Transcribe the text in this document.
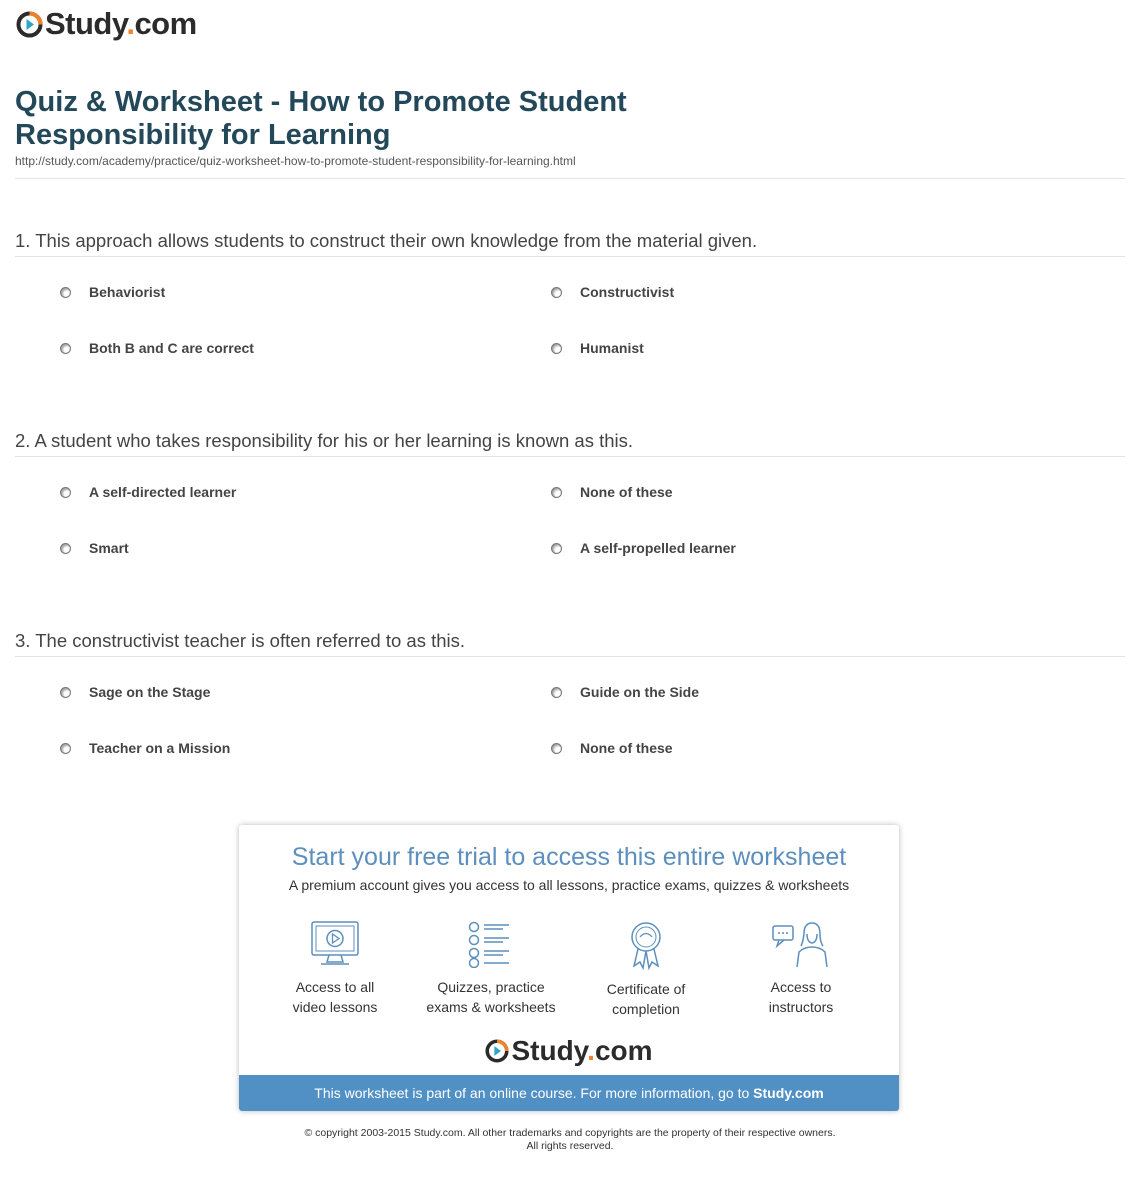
Study.com
Quiz & Worksheet - How to Promote Student Responsibility for Learning
http://study.com/academy/practice/quiz-worksheet-how-to-promote-student-responsibility-for-learning.html
1. This approach allows students to construct their own knowledge from the material given.
Behaviorist	Constructivist
Both B and C are correct	Humanist
2. A student who takes responsibility for his or her learning is known as this.
A self-directed learner	None of these
Smart	A self-propelled learner
3. The constructivist teacher is often referred to as this.
Sage on the Stage	Guide on the Side
Teacher on a Mission	None of these
Start your free trial to access this entire worksheet
A premium account gives you access to all lessons, practice exams, quizzes & worksheets
Access to all
video lessons
Quizzes, practice
exams & worksheets
Certificate of
completion
Access to
instructors
Study.com
This worksheet is part of an online course. For more information, go to Study.com
© copyright 2003-2015 Study.com. All other trademarks and copyrights are the property of their respective owners.
All rights reserved.
